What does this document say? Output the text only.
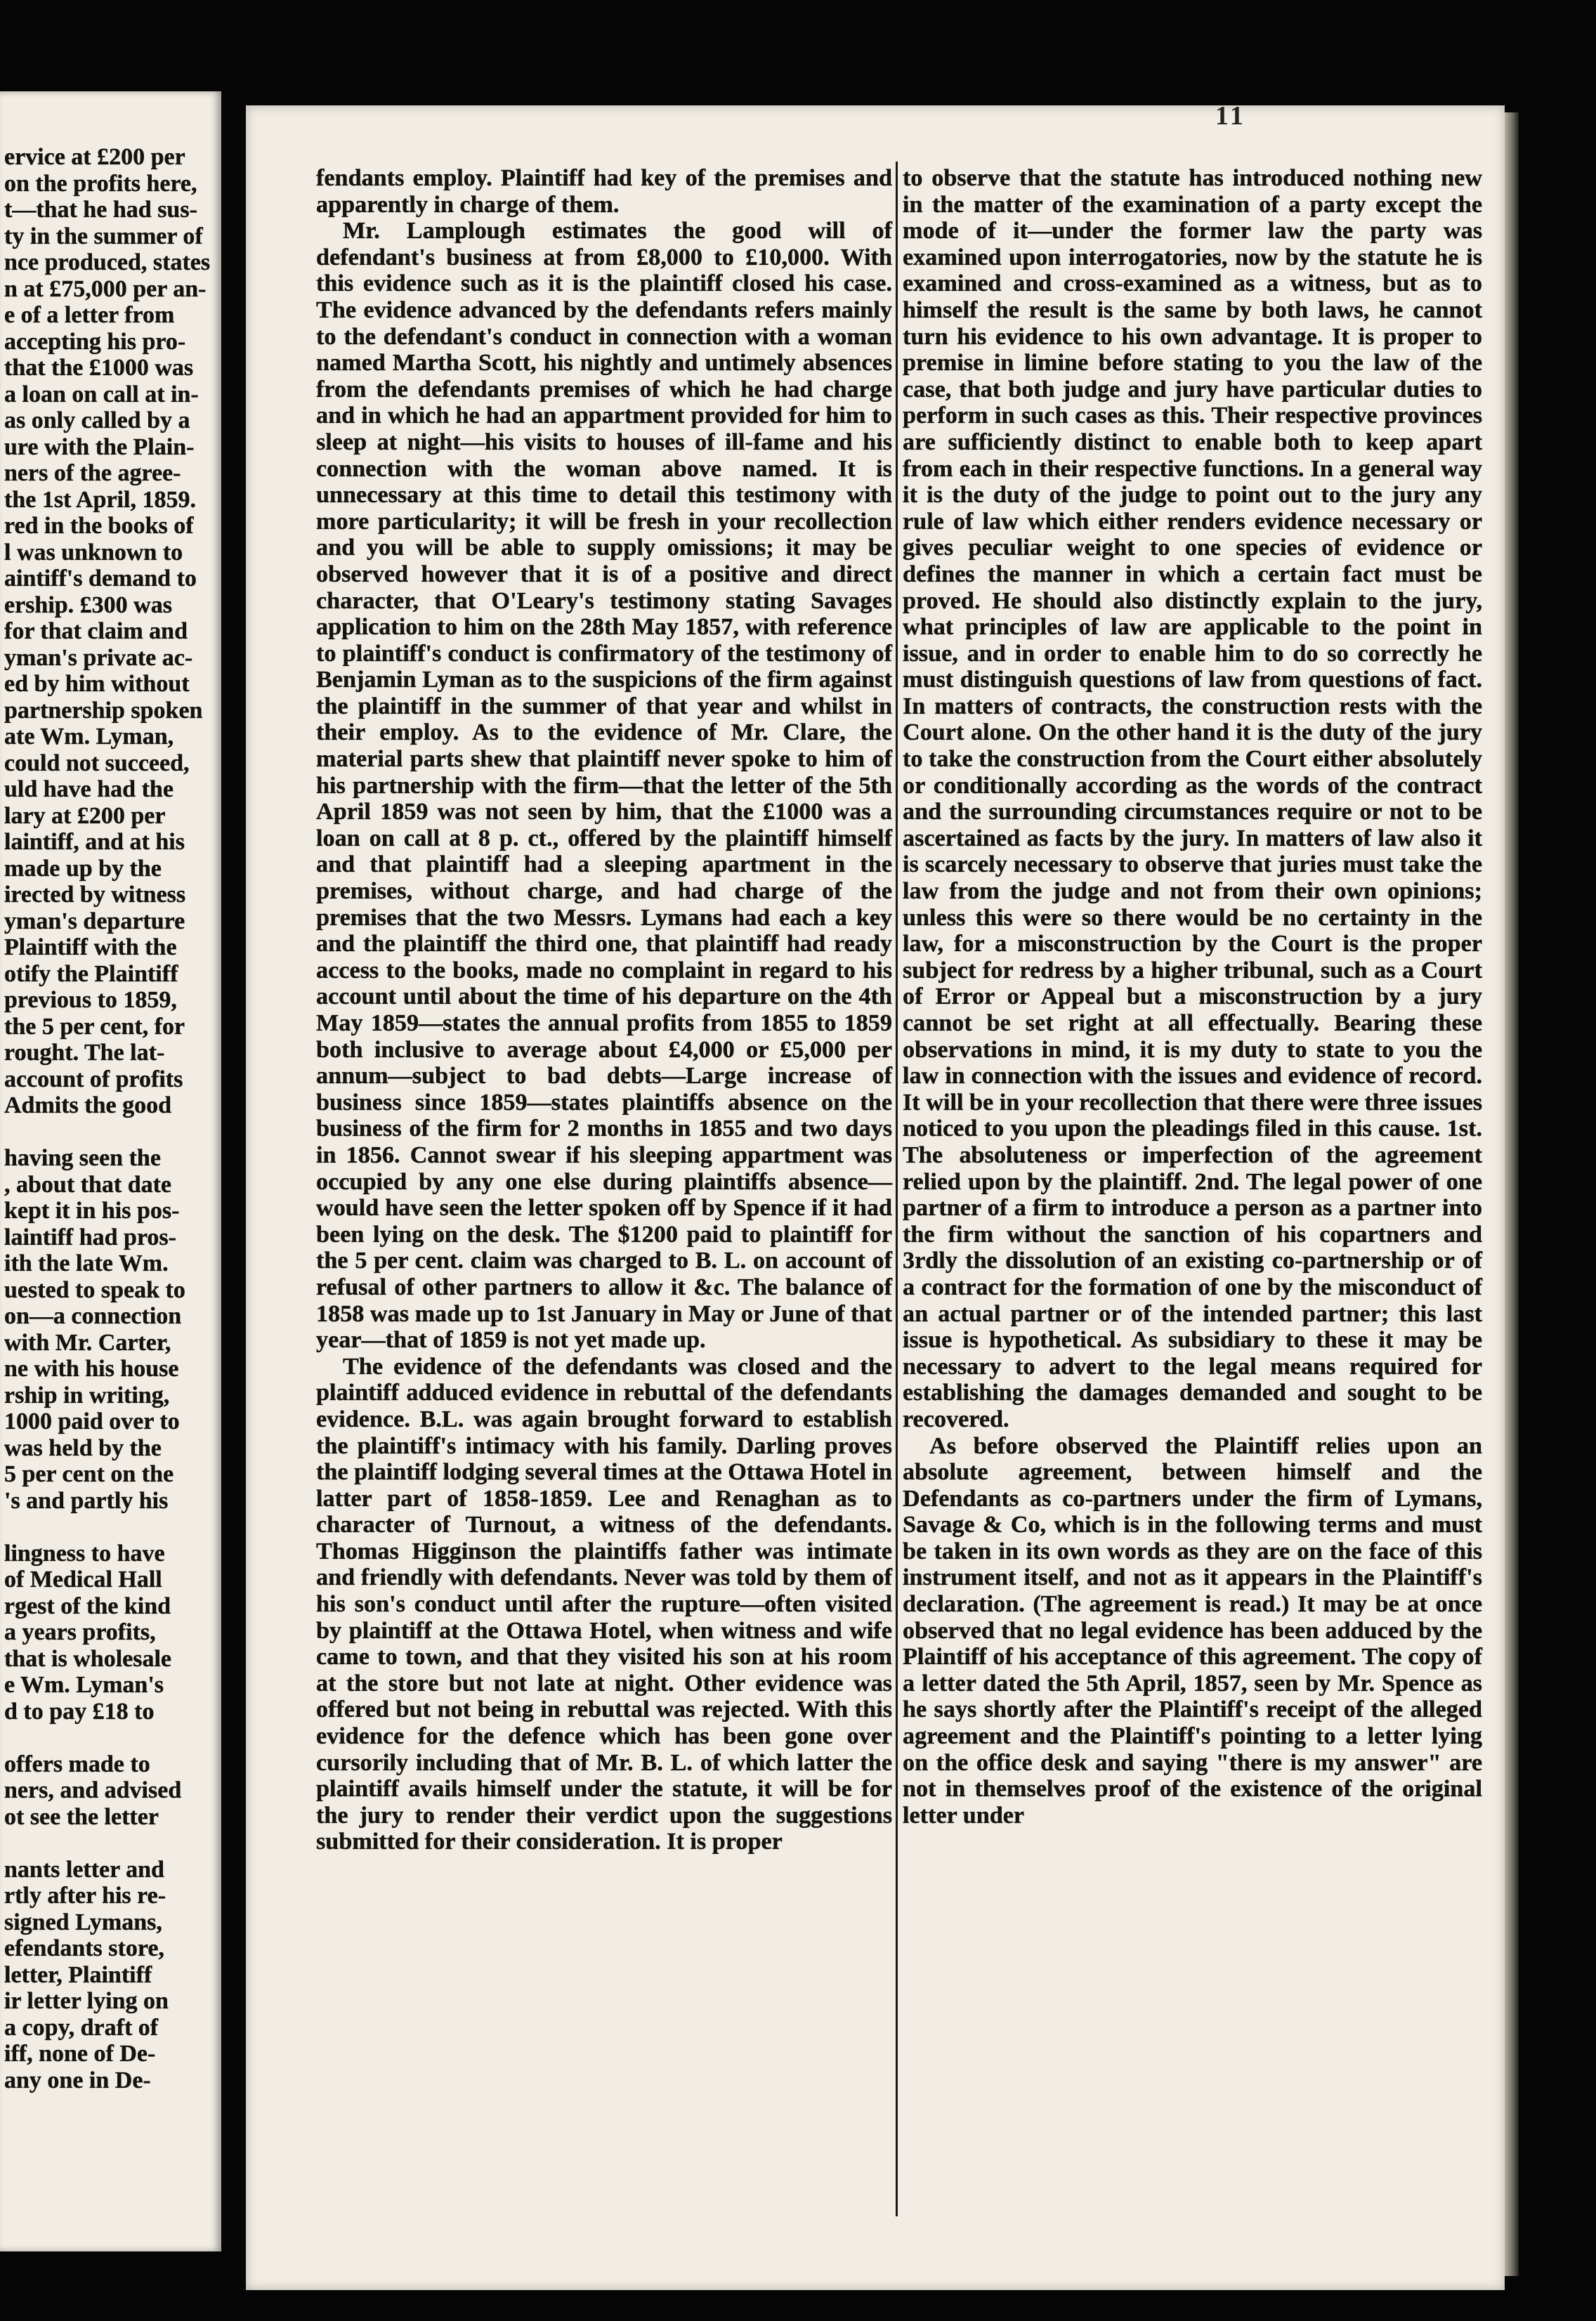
ervice at £200 per
on the profits here,
t—that he had sus-
ty in the summer of
nce produced, states
n at £75,000 per an-
e of a letter from
accepting his pro-
that the £1000 was
a loan on call at in-
as only called by a
ure with the Plain-
ners of the agree-
the 1st April, 1859.
red in the books of
l was unknown to
aintiff's demand to
ership. £300 was
for that claim and
yman's private ac-
ed by him without
partnership spoken
ate Wm. Lyman,
could not succeed,
uld have had the
lary at £200 per
laintiff, and at his
made up by the
irected by witness
yman's departure
Plaintiff with the
otify the Plaintiff
previous to 1859,
the 5 per cent, for
rought. The lat-
account of profits
Admits the good
having seen the
, about that date
kept it in his pos-
laintiff had pros-
ith the late Wm.
uested to speak to
on—a connection
with Mr. Carter,
ne with his house
rship in writing,
1000 paid over to
was held by the
5 per cent on the
's and partly his
lingness to have
of Medical Hall
rgest of the kind
a years profits,
that is wholesale
e Wm. Lyman's
d to pay £18 to
offers made to
ners, and advised
ot see the letter
nants letter and
rtly after his re-
signed Lymans,
efendants store,
letter, Plaintiff
ir letter lying on
a copy, draft of
iff, none of De-
any one in De-
11

fendants employ. Plaintiff had key of the premises and apparently in charge of them.

Mr. Lamplough estimates the good will of defendant's business at from £8,000 to £10,000. With this evidence such as it is the plaintiff closed his case. The evidence advanced by the defendants refers mainly to the defendant's conduct in connection with a woman named Martha Scott, his nightly and untimely absences from the defendants premises of which he had charge and in which he had an appartment provided for him to sleep at night—his visits to houses of ill-fame and his connection with the woman above named. It is unnecessary at this time to detail this testimony with more particularity; it will be fresh in your recollection and you will be able to supply omissions; it may be observed however that it is of a positive and direct character, that O'Leary's testimony stating Savages application to him on the 28th May 1857, with reference to plaintiff's conduct is confirmatory of the testimony of Benjamin Lyman as to the suspicions of the firm against the plaintiff in the summer of that year and whilst in their employ. As to the evidence of Mr. Clare, the material parts shew that plaintiff never spoke to him of his partnership with the firm—that the letter of the 5th April 1859 was not seen by him, that the £1000 was a loan on call at 8 p. ct., offered by the plaintiff himself and that plaintiff had a sleeping apartment in the premises, without charge, and had charge of the premises that the two Messrs. Lymans had each a key and the plaintiff the third one, that plaintiff had ready access to the books, made no complaint in regard to his account until about the time of his departure on the 4th May 1859—states the annual profits from 1855 to 1859 both inclusive to average about £4,000 or £5,000 per annum—subject to bad debts—Large increase of business since 1859—states plaintiffs absence on the business of the firm for 2 months in 1855 and two days in 1856. Cannot swear if his sleeping appartment was occupied by any one else during plaintiffs absence—would have seen the letter spoken off by Spence if it had been lying on the desk. The $1200 paid to plaintiff for the 5 per cent. claim was charged to B. L. on account of refusal of other partners to allow it &c. The balance of 1858 was made up to 1st January in May or June of that year—that of 1859 is not yet made up.

The evidence of the defendants was closed and the plaintiff adduced evidence in rebuttal of the defendants evidence. B.L. was again brought forward to establish the plaintiff's intimacy with his family. Darling proves the plaintiff lodging several times at the Ottawa Hotel in latter part of 1858-1859. Lee and Renaghan as to character of Turnout, a witness of the defendants. Thomas Higginson the plaintiffs father was intimate and friendly with defendants. Never was told by them of his son's conduct until after the rupture—often visited by plaintiff at the Ottawa Hotel, when witness and wife came to town, and that they visited his son at his room at the store but not late at night. Other evidence was offered but not being in rebuttal was rejected. With this evidence for the defence which has been gone over cursorily including that of Mr. B. L. of which latter the plaintiff avails himself under the statute, it will be for the jury to render their verdict upon the suggestions submitted for their consideration. It is proper

to observe that the statute has introduced nothing new in the matter of the examination of a party except the mode of it—under the former law the party was examined upon interrogatories, now by the statute he is examined and cross-examined as a witness, but as to himself the result is the same by both laws, he cannot turn his evidence to his own advantage. It is proper to premise in limine before stating to you the law of the case, that both judge and jury have particular duties to perform in such cases as this. Their respective provinces are sufficiently distinct to enable both to keep apart from each in their respective functions. In a general way it is the duty of the judge to point out to the jury any rule of law which either renders evidence necessary or gives peculiar weight to one species of evidence or defines the manner in which a certain fact must be proved. He should also distinctly explain to the jury, what principles of law are applicable to the point in issue, and in order to enable him to do so correctly he must distinguish questions of law from questions of fact. In matters of contracts, the construction rests with the Court alone. On the other hand it is the duty of the jury to take the construction from the Court either absolutely or conditionally according as the words of the contract and the surrounding circumstances require or not to be ascertained as facts by the jury. In matters of law also it is scarcely necessary to observe that juries must take the law from the judge and not from their own opinions; unless this were so there would be no certainty in the law, for a misconstruction by the Court is the proper subject for redress by a higher tribunal, such as a Court of Error or Appeal but a misconstruction by a jury cannot be set right at all effectually. Bearing these observations in mind, it is my duty to state to you the law in connection with the issues and evidence of record. It will be in your recollection that there were three issues noticed to you upon the pleadings filed in this cause. 1st. The absoluteness or imperfection of the agreement relied upon by the plaintiff. 2nd. The legal power of one partner of a firm to introduce a person as a partner into the firm without the sanction of his copartners and 3rdly the dissolution of an existing co-partnership or of a contract for the formation of one by the misconduct of an actual partner or of the intended partner; this last issue is hypothetical. As subsidiary to these it may be necessary to advert to the legal means required for establishing the damages demanded and sought to be recovered.

As before observed the Plaintiff relies upon an absolute agreement, between himself and the Defendants as co-partners under the firm of Lymans, Savage & Co, which is in the following terms and must be taken in its own words as they are on the face of this instrument itself, and not as it appears in the Plaintiff's declaration. (The agreement is read.) It may be at once observed that no legal evidence has been adduced by the Plaintiff of his acceptance of this agreement. The copy of a letter dated the 5th April, 1857, seen by Mr. Spence as he says shortly after the Plaintiff's receipt of the alleged agreement and the Plaintiff's pointing to a letter lying on the office desk and saying "there is my answer" are not in themselves proof of the existence of the original letter under
